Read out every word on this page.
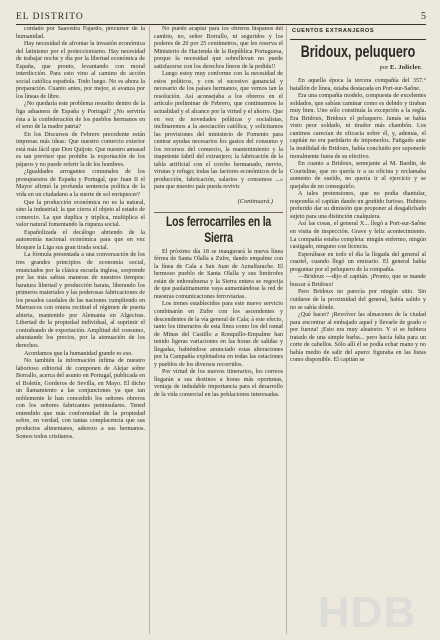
EL DISTRITO	5

cordado por Saavedra Fajardo, precursor de la humanidad.

Hay necesidad de afrontar la invasión económica del latinismo por el proteccionismo. Hay necesidad de trabajar noche y día por la libertad económica de España, que pronto, levantando con moral interdicción. Para esto vino al camino de acción social católica española. Todo luego. No es ahora la preparación. Cuanto antes, por mejor, si avanza por los líneas de libre.

¿No quedaría este problema resuelto dentro de la liga aduanera de España y Portugal? ¿No serviría ésta a la confederación de los pueblos hermanos en el seno de la madre patria?

En los Discursos de Febrero precedente están impresas más ideas: Que nuestro comercio exterior está más fácil que Don Quijote. Que nuestro amasad es tan previsor que prohibe la exportación de los pájaros y no puede referir la de los hombres.

¿Igualdades arrogantes comunales de los presupuestos de España y Portugal, que Juan II el Mayor afirmó la profunda sentencia política de la vida en un ciudadano a la suerte de sol enriquecer?

Que la producción económica no es la natural, sino la industrial; la que cierra el objeto al estado de comercio. La que duplica y triplica, multiplica el valor natural fomentando la riqueza social.

Españolizada el decálogo abriendo de la autonomía nacional económica para que en vez bloquee la Liga sus gran tirada social.

La fórmula presentada a una conversación de los tres grandes principios de economía social, enunciados por la clásica escuela inglesa, sorprende por las más sabias maneras de nuestros tiempos: baratura libertad y producción barata, liberando los primeros materiales y las poderosas fabricaciones de los pesados caudales de las naciones cumpliendo en Marruecos con entera rectitud el régimen de puerta abierta, mantenido por Alemania en Algeciras. Libertad de la propiedad individual, al suprimir el contrabando de exportación. Amplitud del consumo, abaratando los precios, por la atenuación de los derechos.

Acordamos que la humanidad grande es eso.

No también la información ínfima de nuestro laborioso editorial de componen de Alejar sobre Borrallo, acerca del asunto en Portugal, publicada en el Boletín, Gorderos de Sevilla, en Mayo. El dicho un llamamiento a las conjunciones ya que tan noblemente le han concedido los señores obreros con los señores fabricantes peninsulares. Tened entendido que más conformidad de la propiedad sobre, en verdad, con tantas complacencia que sus productos alimentares, aderezo a sus hermanos. Somos todos cristianos.

No puedo acaptar para los obreros hispanos del cambio, no, señor Borrallo, ni seguridos y los poderes de 20 por 25 centímetros, que les reserva el Ministerio de Hacienda de la República Portuguesa, porque la necesidad que sobrellevan no puede satisfacerse con los derechos líneos de la pedida!!

Luego estoy muy conforme con la necesidad de estos políticos, y con el sucesivo ganancial y necesario de los países hermanos, que vemos tan la resolución. Así aconsejaba a los obreros en el artículo preliminar de Febrero, que continuemos la actualidad y el alcance por la virtud y el ahorro. Que en vez de novedades políticas y socialistas, inclinaremos a la asociación católica, y solicitamos las provisiones del ministerio de Fomento para centrar ayudas necesarios los gastos del consumo y los recursos del comercio, la mantenimiento y la inapetente fabril del extranjero; la fabricación de la tabla artificial con el corcho hermanado, nervio, virutas y refugo; todas las factores económicos de la producción, fabricación, salarios y consumos ...» para que nuestro país pueda revivir.

(Continuará.)

Los ferrocarriles en la Sierra

El próximo día 18 se inaugurará la nueva línea férrea de Santa Olalla a Zufre, dando empalme con la línea de Cala a San Juan de Aznalfarache. El hermoso pueblo de Santa Olalla y sus limítrofes están de enhorabuena y la Sierra entera se regocija de que paulatinamente vaya aumentándose la red de nuestras comunicaciones ferroviarias.

Los trenes establecidos para este nuevo servicio combinarán en Zufre con los ascendentes y descendentes de la vía general de Cala; á este efecto, tanto los itinerarios de esta línea como los del ramal de Minas del Castillo a Ronquillo-Empalme han tenido ligeras variaciones en las horas de salidas y llegadas, habiéndose anunciado estas alteraciones por la Campañía explotadora en todas las estaciones y pueblos de los diversos recorridos.

Por virtud de los nuevos itinerarios, los correos llegarán a sus destinos a horas más oportunas, ventaja de indudable importancia para el desarrollo de la vida comercial en las poblaciones interesadas.

CUENTOS EXTRANJEROS
Bridoux, peluquero
por E. Jolicler.

En aquella época la tercera compañía del 357.° batallón de línea, estaba destacada en Port-sur-Saône.

Era una compañía modelo, compuesta de excelentes soldados, que sabían caminar como es debido y tiraban muy bien. Uno sólo constituía la excepción a la regla. Era Bridoux, Bridoux el peluquero. Jamás se había visto peor soldado, ni tirador más chambón. Los cantinos carecían de eficacia sobre él, y, además, el capitán no era partidario de imponerlos. Fatigado ante la inutilidad de Bridoux, había concluido por suponerle moralmente fuera de su efectivo.

En cuanto a Bridoux, semejante al M. Bardin, de Courteline, que no quería ir a su oficina y reclamaba aumento de sueldo, no quería ir al ejercicio y se quejaba de no conseguirlo.

A tales pretensiones, que no podía diantular, respondía el capitán dando un gruñido furioso. Hubiera preferido dar su dimisión que proponer al desgalichado sujeto para una distinción cualquiera.

Así las cosas, el general X... llegó a Port-sur-Saône en visita de inspección. Grave y feliz acontecimiento. La compañía estaba completa: ningún enfermo, ningún castigado, ninguno con licencia.

Esperábase en todo el día la llegada del general al cuartel, cuando llegó un emisario. El general había preguntar por el peluquero de la compañía.

—Bridoux —dijo el capitán. ¡Pronto, que se mande buscar á Bridoux!

Pero Bridoux no parecía por ningún sitio. Sin cuidarse de la proximidad del general, había salido y no se sabía dónde.

¿Qué hacer? ¡Revolver las almacenes de la ciudad para encontrar al embajado aquel y llevarle de grado o por fuerza! ¡Esto era muy aleatorio. Y si se hubiera tratado de una simple barba... pero hacía falta para un corte de cabellos. Sólo allí él se podía echar mano y no había medio de salir del apuro: figuraba en las listas como disponible. El capitán se

HDB
